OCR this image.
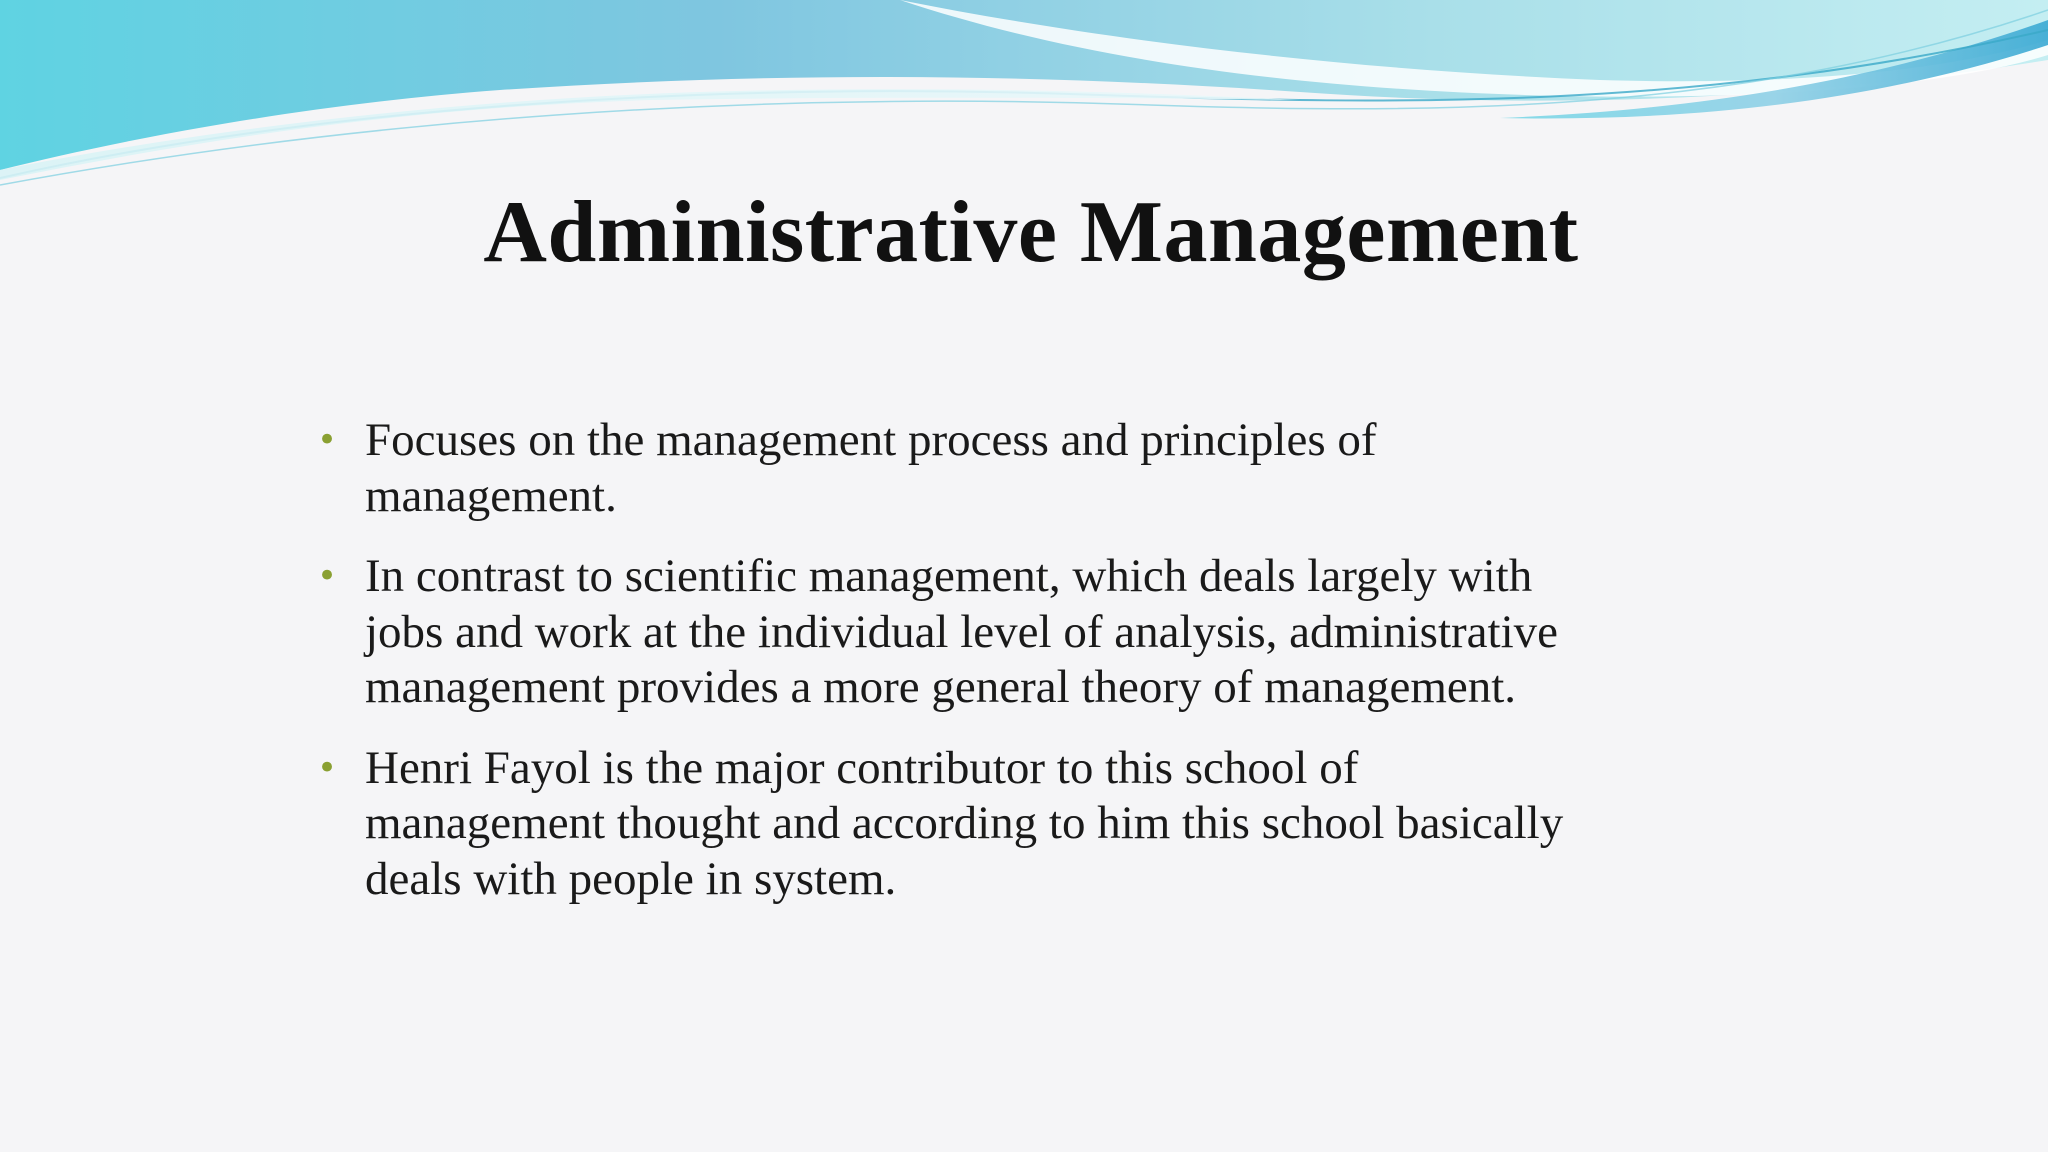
Administrative Management
• Focuses on the management process and principles of management.
• In contrast to scientific management, which deals largely with jobs and work at the individual level of analysis, administrative management provides a more general theory of management.
• Henri Fayol is the major contributor to this school of management thought and according to him this school basically deals with people in system.
